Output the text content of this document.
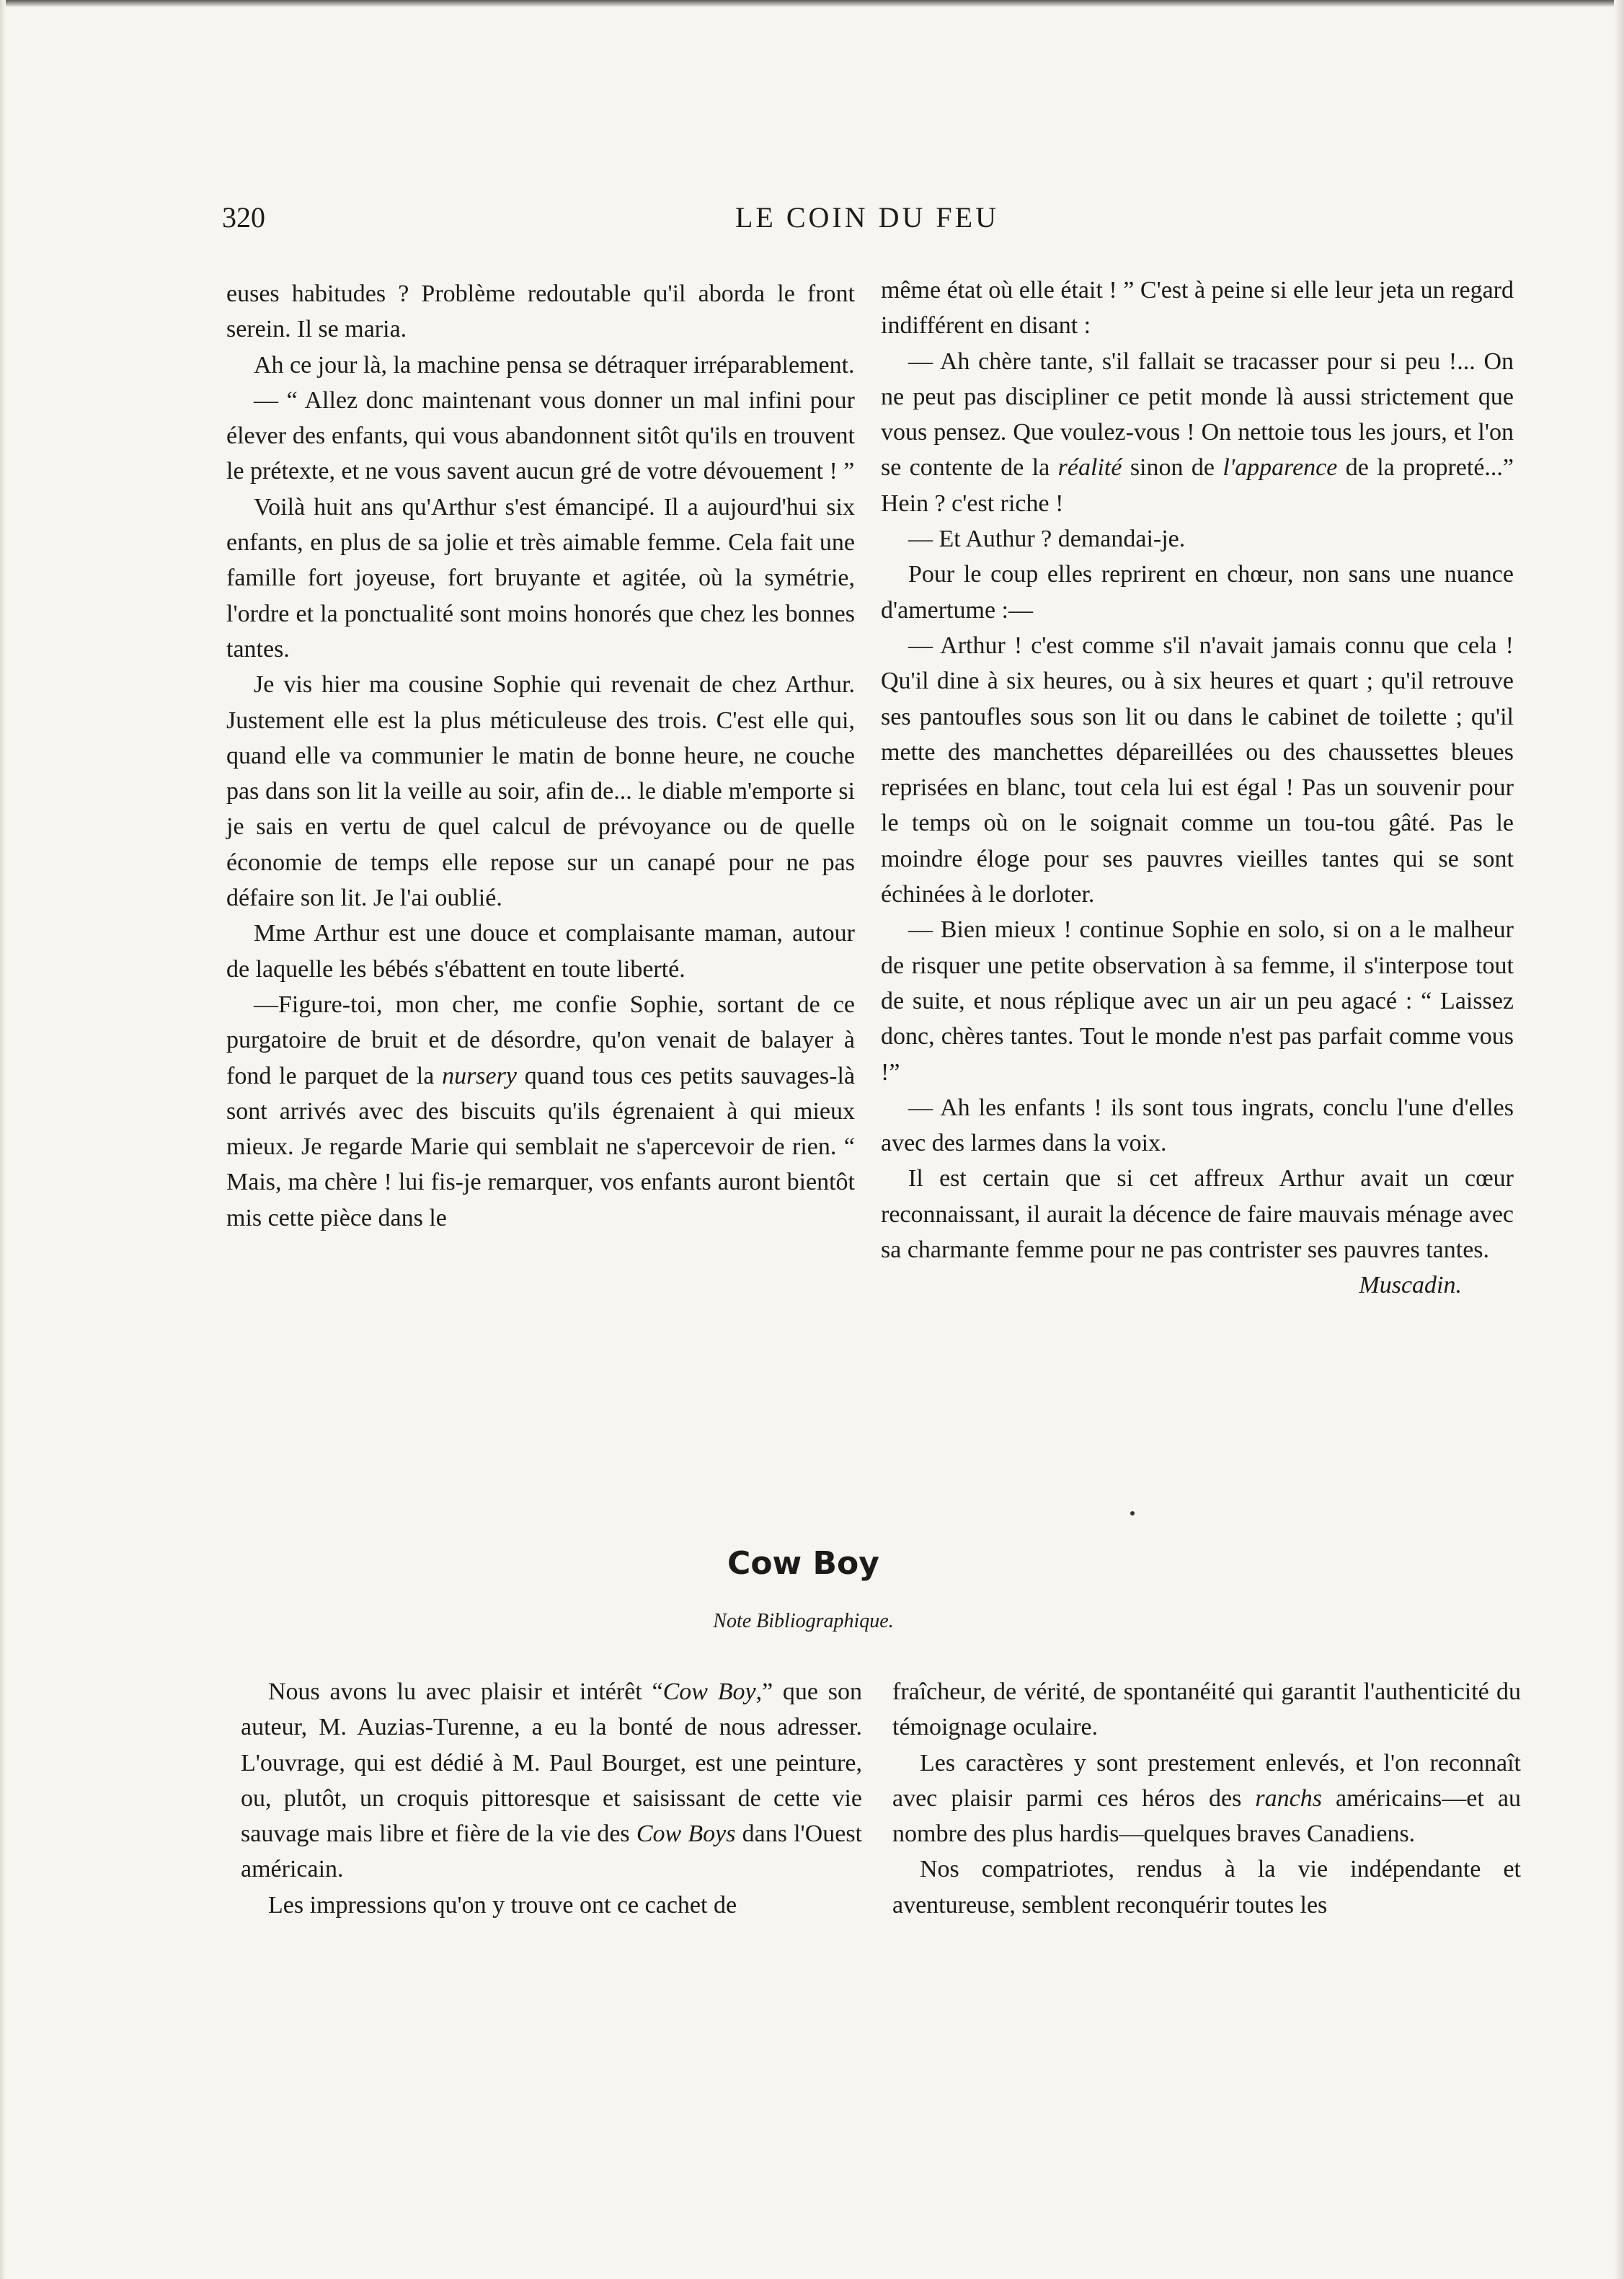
320	LE COIN DU FEU

euses habitudes ? Problème redoutable qu'il aborda le front serein. Il se maria.

Ah ce jour là, la machine pensa se détraquer irréparablement.

— “ Allez donc maintenant vous donner un mal infini pour élever des enfants, qui vous abandonnent sitôt qu'ils en trouvent le prétexte, et ne vous savent aucun gré de votre dévouement ! ”

Voilà huit ans qu'Arthur s'est émancipé. Il a aujourd'hui six enfants, en plus de sa jolie et très aimable femme. Cela fait une famille fort joyeuse, fort bruyante et agitée, où la symétrie, l'ordre et la ponctualité sont moins honorés que chez les bonnes tantes.

Je vis hier ma cousine Sophie qui revenait de chez Arthur. Justement elle est la plus méticuleuse des trois. C'est elle qui, quand elle va communier le matin de bonne heure, ne couche pas dans son lit la veille au soir, afin de... le diable m'emporte si je sais en vertu de quel calcul de prévoyance ou de quelle économie de temps elle repose sur un canapé pour ne pas défaire son lit. Je l'ai oublié.

Mme Arthur est une douce et complaisante maman, autour de laquelle les bébés s'ébattent en toute liberté.

—Figure-toi, mon cher, me confie Sophie, sortant de ce purgatoire de bruit et de désordre, qu'on venait de balayer à fond le parquet de la nursery quand tous ces petits sauvages-là sont arrivés avec des biscuits qu'ils égrenaient à qui mieux mieux. Je regarde Marie qui semblait ne s'apercevoir de rien. “ Mais, ma chère ! lui fis-je remarquer, vos enfants auront bientôt mis cette pièce dans le

même état où elle était ! ” C'est à peine si elle leur jeta un regard indifférent en disant :

— Ah chère tante, s'il fallait se tracasser pour si peu !... On ne peut pas discipliner ce petit monde là aussi strictement que vous pensez. Que voulez-vous ! On nettoie tous les jours, et l'on se contente de la réalité sinon de l'apparence de la propreté...” Hein ? c'est riche !

— Et Authur ? demandai-je.

Pour le coup elles reprirent en chœur, non sans une nuance d'amertume :—

— Arthur ! c'est comme s'il n'avait jamais connu que cela ! Qu'il dine à six heures, ou à six heures et quart ; qu'il retrouve ses pantoufles sous son lit ou dans le cabinet de toilette ; qu'il mette des manchettes dépareillées ou des chaussettes bleues reprisées en blanc, tout cela lui est égal ! Pas un souvenir pour le temps où on le soignait comme un tou-tou gâté. Pas le moindre éloge pour ses pauvres vieilles tantes qui se sont échinées à le dorloter.

— Bien mieux ! continue Sophie en solo, si on a le malheur de risquer une petite observation à sa femme, il s'interpose tout de suite, et nous réplique avec un air un peu agacé : “ Laissez donc, chères tantes. Tout le monde n'est pas parfait comme vous !”

— Ah les enfants ! ils sont tous ingrats, conclu l'une d'elles avec des larmes dans la voix.

Il est certain que si cet affreux Arthur avait un cœur reconnaissant, il aurait la décence de faire mauvais ménage avec sa charmante femme pour ne pas contrister ses pauvres tantes.

Muscadin.

Cow Boy
Note Bibliographique.

Nous avons lu avec plaisir et intérêt “Cow Boy,” que son auteur, M. Auzias-Turenne, a eu la bonté de nous adresser. L'ouvrage, qui est dédié à M. Paul Bourget, est une peinture, ou, plutôt, un croquis pittoresque et saisissant de cette vie sauvage mais libre et fière de la vie des Cow Boys dans l'Ouest américain.

Les impressions qu'on y trouve ont ce cachet de

fraîcheur, de vérité, de spontanéité qui garantit l'authenticité du témoignage oculaire.

Les caractères y sont prestement enlevés, et l'on reconnaît avec plaisir parmi ces héros des ranchs américains—et au nombre des plus hardis—quelques braves Canadiens.

Nos compatriotes, rendus à la vie indépendante et aventureuse, semblent reconquérir toutes les
